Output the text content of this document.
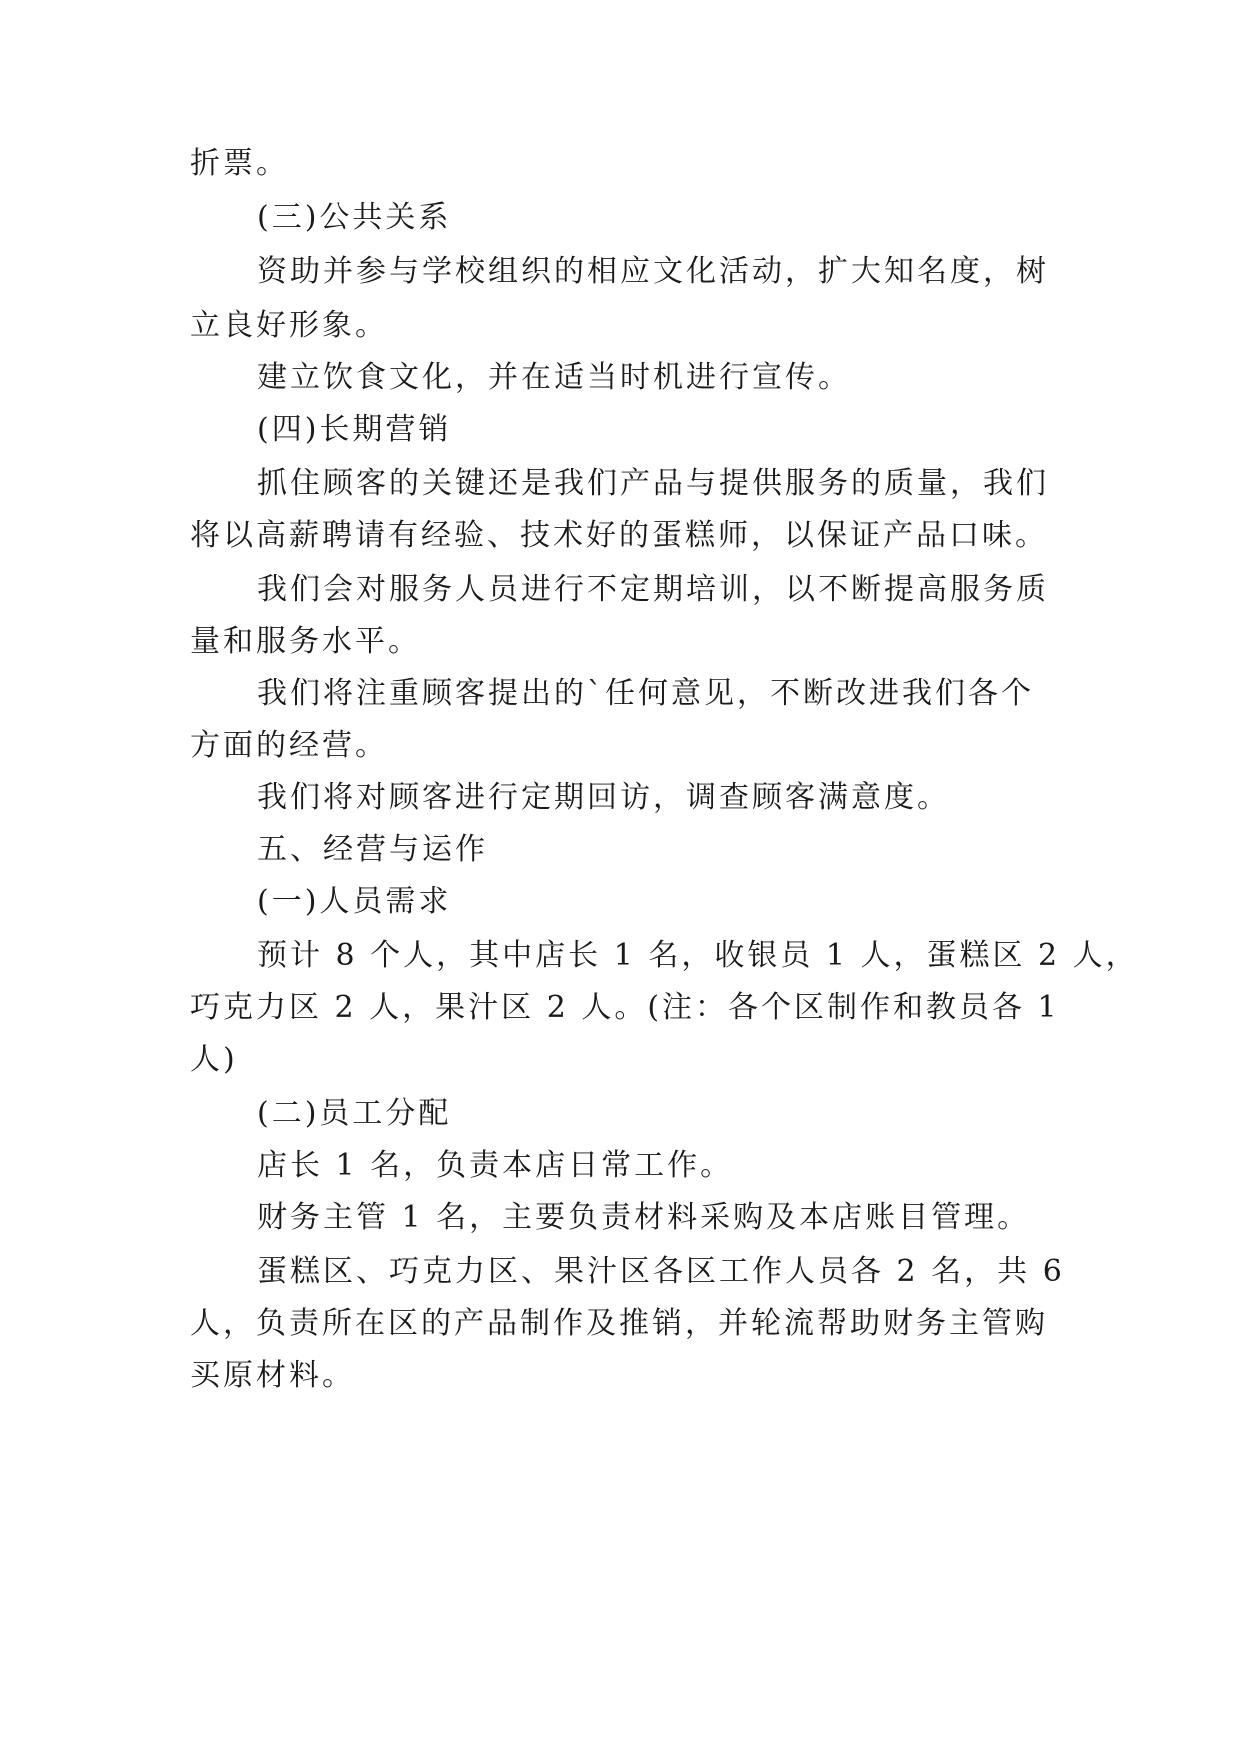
折票。
(三)公共关系
资助并参与学校组织的相应文化活动，扩大知名度，树
立良好形象。
建立饮食文化，并在适当时机进行宣传。
(四)长期营销
抓住顾客的关键还是我们产品与提供服务的质量，我们
将以高薪聘请有经验、技术好的蛋糕师，以保证产品口味。
我们会对服务人员进行不定期培训，以不断提高服务质
量和服务水平。
我们将注重顾客提出的`任何意见，不断改进我们各个
方面的经营。
我们将对顾客进行定期回访，调查顾客满意度。
五、经营与运作
(一)人员需求
预计 8 个人，其中店长 1 名，收银员 1 人，蛋糕区 2 人，
巧克力区 2 人，果汁区 2 人。(注：各个区制作和教员各 1
人)
(二)员工分配
店长 1 名，负责本店日常工作。
财务主管 1 名，主要负责材料采购及本店账目管理。
蛋糕区、巧克力区、果汁区各区工作人员各 2 名，共 6
人，负责所在区的产品制作及推销，并轮流帮助财务主管购
买原材料。
